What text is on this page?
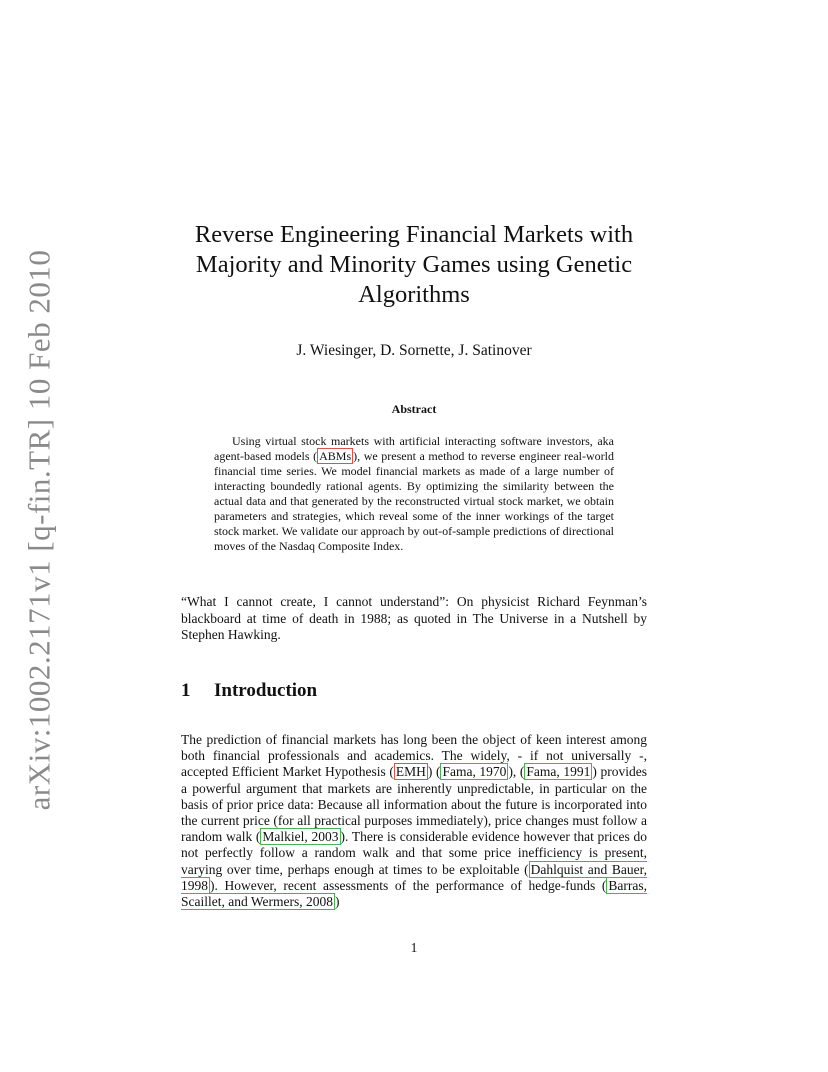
arXiv:1002.2171v1 [q-fin.TR] 10 Feb 2010
Reverse Engineering Financial Markets with
Majority and Minority Games using Genetic
Algorithms
J. Wiesinger, D. Sornette, J. Satinover
Abstract

Using virtual stock markets with artificial interacting software investors, aka agent-based models ( ABMs ), we present a method to reverse engineer real-world financial time series. We model financial markets as made of a large number of interacting boundedly rational agents. By optimizing the similarity between the actual data and that generated by the reconstructed virtual stock market, we obtain parameters and strategies, which reveal some of the inner workings of the target stock market. We validate our approach by out-of-sample predictions of directional moves of the Nasdaq Composite Index.

“What I cannot create, I cannot understand”: On physicist Richard Feynman’s blackboard at time of death in 1988; as quoted in The Universe in a Nutshell by Stephen Hawking.

1 Introduction

The prediction of financial markets has long been the object of keen interest among both financial professionals and academics. The widely, - if not universally -, accepted Efficient Market Hypothesis ( EMH ) ( Fama, 1970 ), ( Fama, 1991 ) provides a powerful argument that markets are inherently unpredictable, in particular on the basis of prior price data: Because all information about the future is incorporated into the current price (for all practical purposes immediately), price changes must follow a random walk ( Malkiel, 2003 ). There is considerable evidence however that prices do not perfectly follow a random walk and that some price inefficiency is present, varying over time, perhaps enough at times to be exploitable ( Dahlquist and Bauer, 1998 ). However, recent assessments of the performance of hedge-funds ( Barras, Scaillet, and Wermers, 2008 )

1
